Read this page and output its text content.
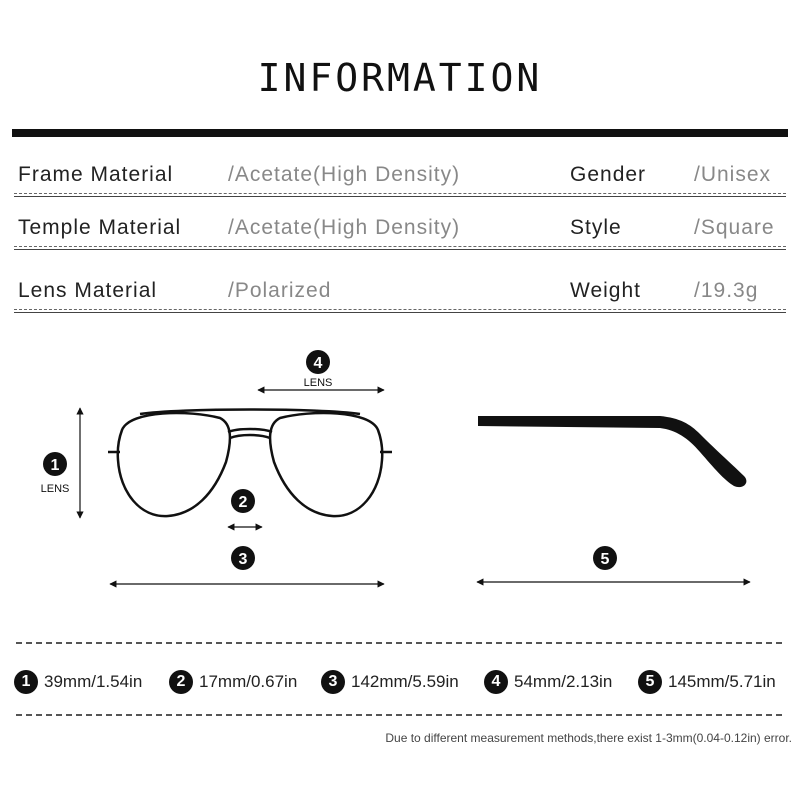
INFORMATION
Frame Material	/Acetate(High Density)	Gender /Unisex
Temple Material /Acetate(High Density)	Style	/Square
Lens Material	/Polarized	Weight	/19.3g
1
LENS
4
LENS
2
3	5
1 39mm/1.54in	2 17mm/0.67in	3 142mm/5.59in	4 54mm/2.13in	5 145mm/5.71in
Due to different measurement methods,there exist 1-3mm(0.04-0.12in) error.
